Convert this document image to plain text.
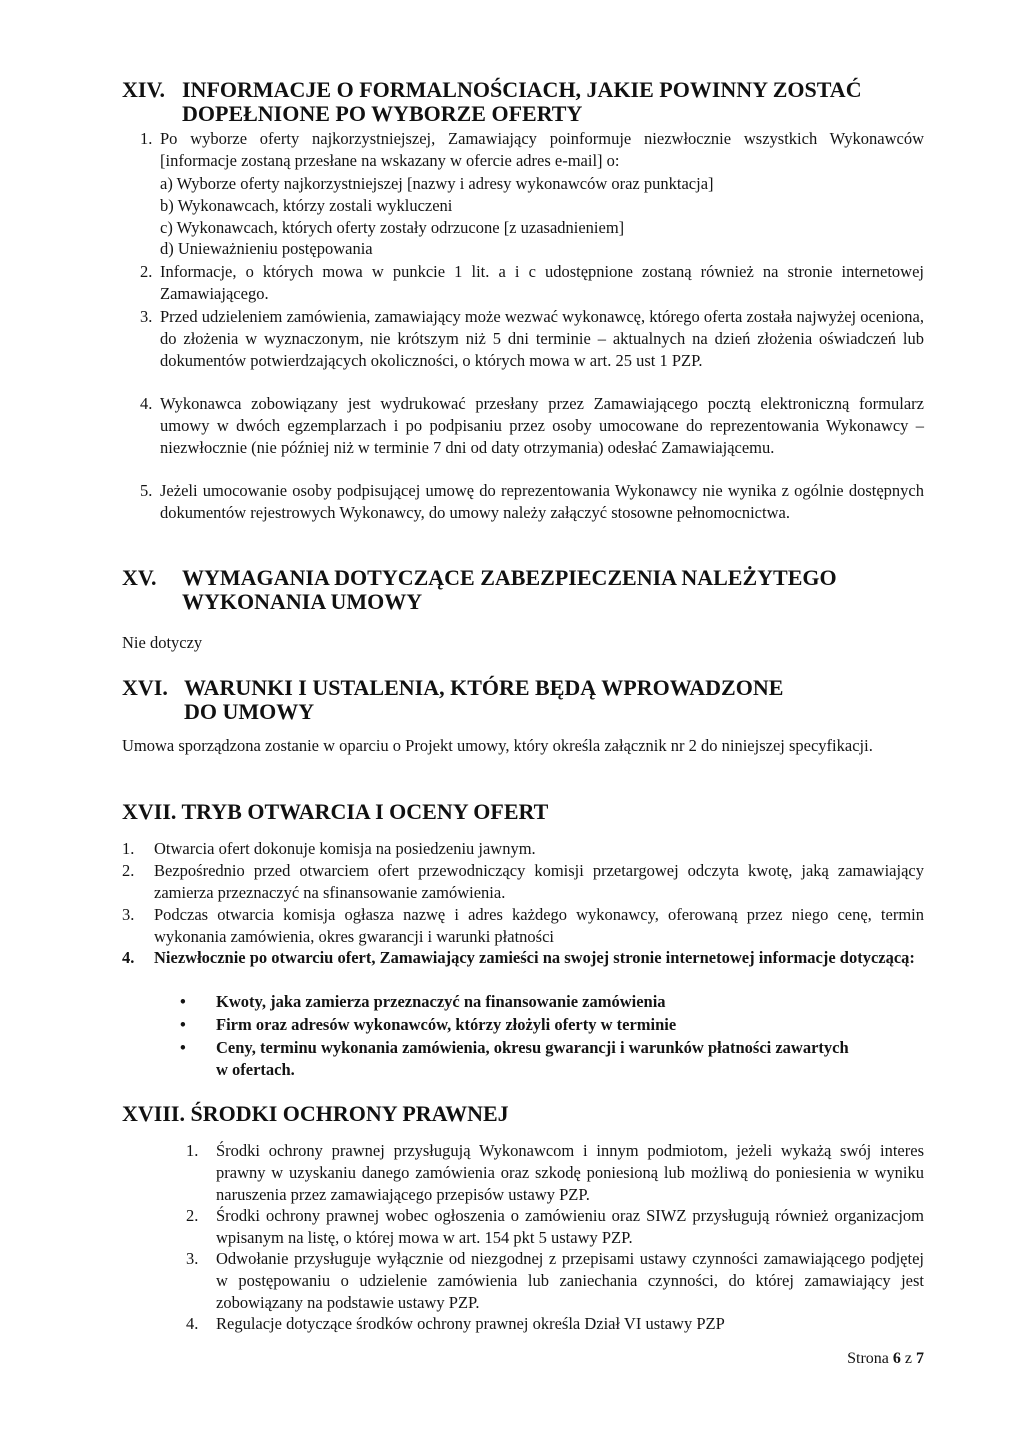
XIV. INFORMACJE O FORMALNOŚCIACH, JAKIE POWINNY ZOSTAĆ
DOPEŁNIONE PO WYBORZE OFERTY
1. Po wyborze oferty najkorzystniejszej, Zamawiający poinformuje niezwłocznie wszystkich Wykonawców [informacje zostaną przesłane na wskazany w ofercie adres e-mail] o:
a) Wyborze oferty najkorzystniejszej [nazwy i adresy wykonawców oraz punktacja]
b) Wykonawcach, którzy zostali wykluczeni
c) Wykonawcach, których oferty zostały odrzucone [z uzasadnieniem]
d) Unieważnieniu postępowania
2. Informacje, o których mowa w punkcie 1 lit. a i c udostępnione zostaną również na stronie internetowej Zamawiającego.
3. Przed udzieleniem zamówienia, zamawiający może wezwać wykonawcę, którego oferta została najwyżej oceniona, do złożenia w wyznaczonym, nie krótszym niż 5 dni terminie – aktualnych na dzień złożenia oświadczeń lub dokumentów potwierdzających okoliczności, o których mowa w art. 25 ust 1 PZP.
4. Wykonawca zobowiązany jest wydrukować przesłany przez Zamawiającego pocztą elektroniczną formularz umowy w dwóch egzemplarzach i po podpisaniu przez osoby umocowane do reprezentowania Wykonawcy – niezwłocznie (nie później niż w terminie 7 dni od daty otrzymania) odesłać Zamawiającemu.
5. Jeżeli umocowanie osoby podpisującej umowę do reprezentowania Wykonawcy nie wynika z ogólnie dostępnych dokumentów rejestrowych Wykonawcy, do umowy należy załączyć stosowne pełnomocnictwa.
XV. WYMAGANIA DOTYCZĄCE ZABEZPIECZENIA NALEŻYTEGO
WYKONANIA UMOWY
Nie dotyczy
XVI. WARUNKI I USTALENIA, KTÓRE BĘDĄ WPROWADZONE
DO UMOWY
Umowa sporządzona zostanie w oparciu o Projekt umowy, który określa załącznik nr 2 do niniejszej specyfikacji.
XVII. TRYB OTWARCIA I OCENY OFERT
1. Otwarcia ofert dokonuje komisja na posiedzeniu jawnym.
2. Bezpośrednio przed otwarciem ofert przewodniczący komisji przetargowej odczyta kwotę, jaką zamawiający zamierza przeznaczyć na sfinansowanie zamówienia.
3. Podczas otwarcia komisja ogłasza nazwę i adres każdego wykonawcy, oferowaną przez niego cenę, termin wykonania zamówienia, okres gwarancji i warunki płatności
4. Niezwłocznie po otwarciu ofert, Zamawiający zamieści na swojej stronie internetowej informacje dotyczącą:
• Kwoty, jaka zamierza przeznaczyć na finansowanie zamówienia
• Firm oraz adresów wykonawców, którzy złożyli oferty w terminie
• Ceny, terminu wykonania zamówienia, okresu gwarancji i warunków płatności zawartych w ofertach.
XVIII. ŚRODKI OCHRONY PRAWNEJ
1. Środki ochrony prawnej przysługują Wykonawcom i innym podmiotom, jeżeli wykażą swój interes prawny w uzyskaniu danego zamówienia oraz szkodę poniesioną lub możliwą do poniesienia w wyniku naruszenia przez zamawiającego przepisów ustawy PZP.
2. Środki ochrony prawnej wobec ogłoszenia o zamówieniu oraz SIWZ przysługują również organizacjom wpisanym na listę, o której mowa w art. 154 pkt 5 ustawy PZP.
3. Odwołanie przysługuje wyłącznie od niezgodnej z przepisami ustawy czynności zamawiającego podjętej w postępowaniu o udzielenie zamówienia lub zaniechania czynności, do której zamawiający jest zobowiązany na podstawie ustawy PZP.
4. Regulacje dotyczące środków ochrony prawnej określa Dział VI ustawy PZP
Strona 6 z 7
